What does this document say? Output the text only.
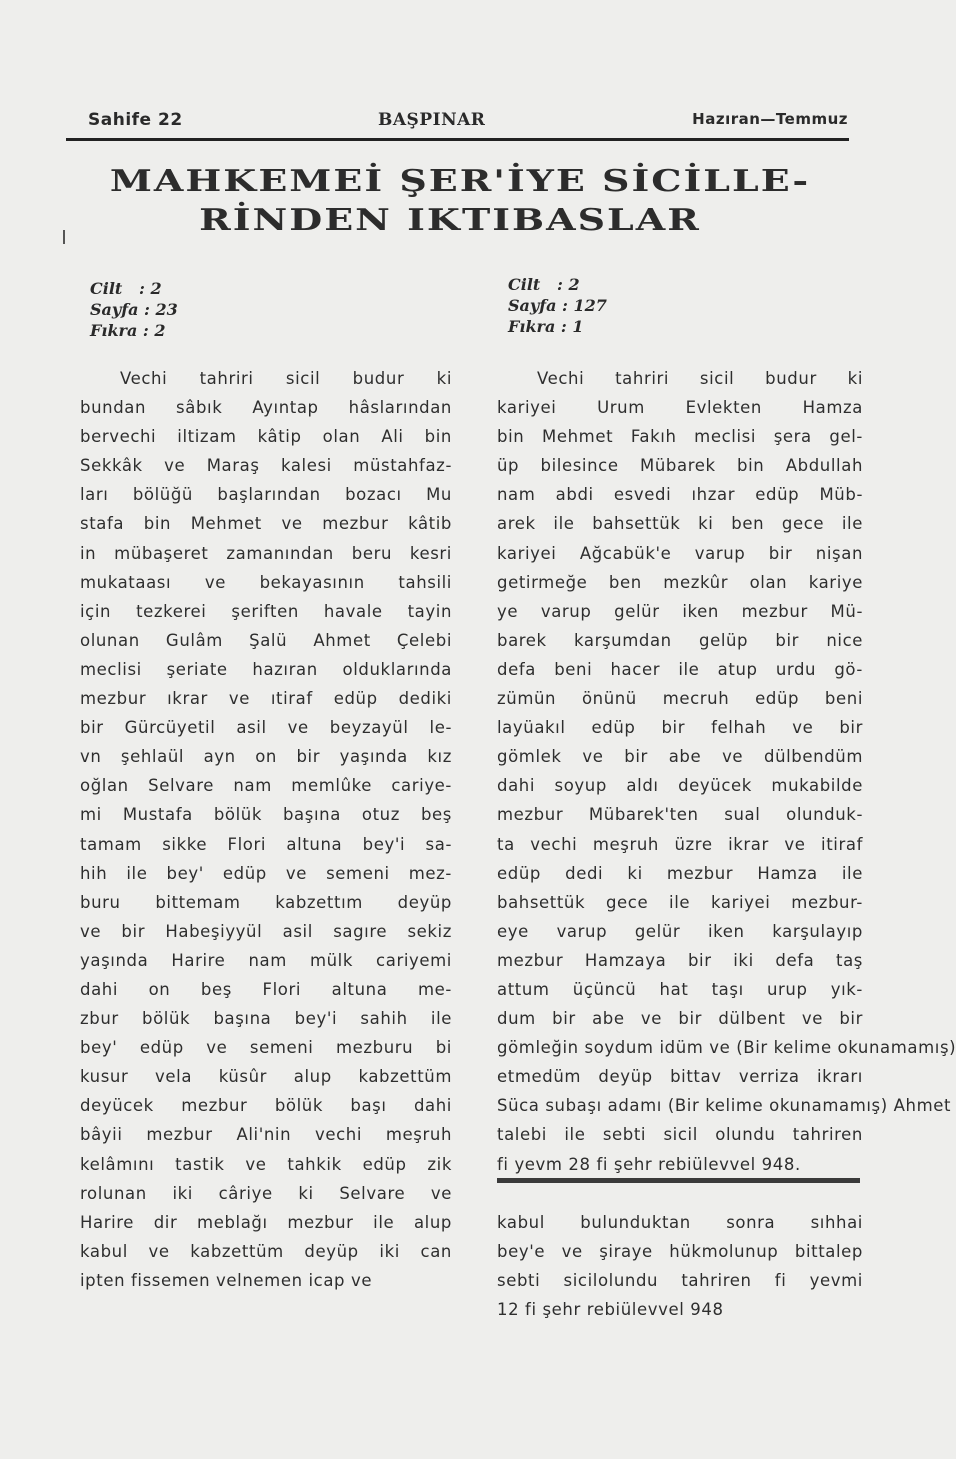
Sahife 22	BAŞPINAR	Hazıran—Temmuz
MAHKEMEİ ŞER'İYE SİCİLLE-
RİNDEN IKTIBASLAR
Cilt   : 2
Sayfa : 23
Fıkra : 2
Cilt   : 2
Sayfa : 127
Fıkra : 1
Vechi tahriri sicil budur ki
bundan sâbık Ayıntap hâslarından
bervechi iltizam kâtip olan Ali bin
Sekkâk ve Maraş kalesi müstahfaz-
ları bölüğü başlarından bozacı Mu
stafa bin Mehmet ve mezbur kâtib
in mübaşeret zamanından beru kesri
mukataası ve bekayasının tahsili
için tezkerei şeriften havale tayin
olunan Gulâm Şalü Ahmet Çelebi
meclisi şeriate hazıran olduklarında
mezbur ıkrar ve ıtiraf edüp dediki
bir Gürcüyetil asil ve beyzayül le-
vn şehlaül ayn on bir yaşında kız
oğlan Selvare nam memlûke cariye-
mi Mustafa bölük başına otuz beş
tamam sikke Flori altuna bey'i sa-
hih ile bey' edüp ve semeni mez-
buru bittemam kabzettım deyüp
ve bir Habeşiyyül asil sagıre sekiz
yaşında Harire nam mülk cariyemi
dahi on beş Flori altuna me-
zbur bölük başına bey'i sahih ile
bey' edüp ve semeni mezburu bi
kusur vela küsûr alup kabzettüm
deyücek mezbur bölük başı dahi
bâyii mezbur Ali'nin vechi meşruh
kelâmını tastik ve tahkik edüp zik
rolunan iki câriye ki Selvare ve
Harire dir meblağı mezbur ile alup
kabul ve kabzettüm deyüp iki can
ipten fissemen velnemen icap ve
Vechi tahriri sicil budur ki
kariyei Urum Evlekten Hamza
bin Mehmet Fakıh meclisi şera gel-
üp bilesince Mübarek bin Abdullah
nam abdi esvedi ıhzar edüp Müb-
arek ile bahsettük ki ben gece ile
kariyei Ağcabük'e varup bir nişan
getirmeğe ben mezkûr olan kariye
ye varup gelür iken mezbur Mü-
barek karşumdan gelüp bir nice
defa beni hacer ile atup urdu gö-
zümün önünü mecruh edüp beni
layüakıl edüp bir felhah ve bir
gömlek ve bir abe ve dülbendüm
dahi soyup aldı deyücek mukabilde
mezbur Mübarek'ten sual olunduk-
ta vechi meşruh üzre ikrar ve itiraf
edüp dedi ki mezbur Hamza ile
bahsettük gece ile kariyei mezbur-
eye varup gelür iken karşulayıp
mezbur Hamzaya bir iki defa taş
attum üçüncü hat taşı urup yık-
dum bir abe ve bir dülbent ve bir
gömleğin soydum idüm ve (Bir kelime okunamamış)
etmedüm deyüp bittav verriza ikrarı
Süca subaşı adamı (Bir kelime okunamamış) Ahmet
talebi ile sebti sicil olundu tahriren
fi yevm 28 fi şehr rebiülevvel 948.
kabul bulunduktan sonra sıhhai
bey'e ve şiraye hükmolunup bittalep
sebti sicilolundu tahriren fi yevmi
12 fi şehr rebiülevvel 948
